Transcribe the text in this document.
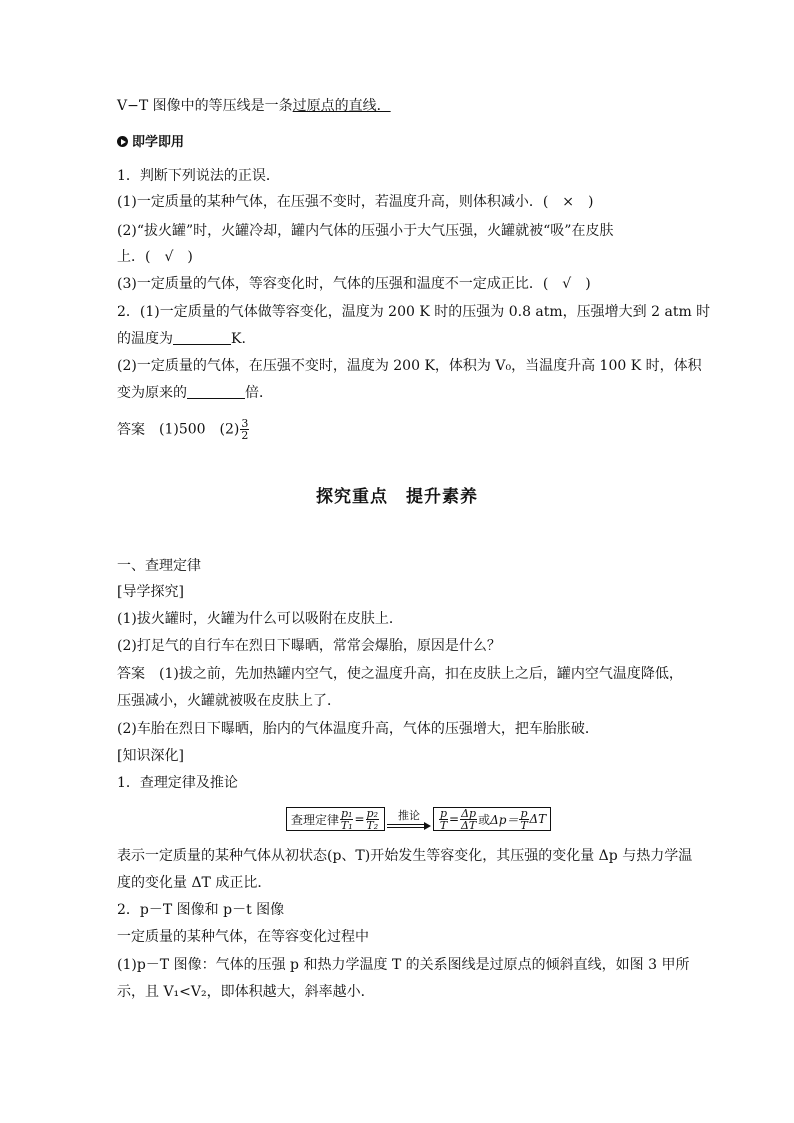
V−T 图像中的等压线是一条过原点的直线．
即学即用
1．判断下列说法的正误．
(1)一定质量的某种气体，在压强不变时，若温度升高，则体积减小．(　×　)
(2)“拔火罐”时，火罐冷却，罐内气体的压强小于大气压强，火罐就被“吸”在皮肤
上．(　√　)
(3)一定质量的气体，等容变化时，气体的压强和温度不一定成正比．(　√　)
2．(1)一定质量的气体做等容变化，温度为 200 K 时的压强为 0.8 atm，压强增大到 2 atm 时
的温度为	K.
(2)一定质量的气体，在压强不变时，温度为 200 K，体积为 V₀，当温度升高 100 K 时，体积
变为原来的	倍．
答案 (1)500　$(2) \frac{3}{2}$
探究重点　提升素养
一、查理定律
[导学探究]
(1)拔火罐时，火罐为什么可以吸附在皮肤上．
(2)打足气的自行车在烈日下曝晒，常常会爆胎，原因是什么？
答案 (1)拔之前，先加热罐内空气，使之温度升高，扣在皮肤上之后，罐内空气温度降低，
压强减小，火罐就被吸在皮肤上了．
(2)车胎在烈日下曝晒，胎内的气体温度升高，气体的压强增大，把车胎胀破．
[知识深化]
1．查理定律及推论
查理定律 $\frac{\text{p₁}}{\text{T₁}} = \frac{\text{p₂}}{\text{T₂}}$ 推论 $\frac{p}{T} = \frac{\Delta p}{\Delta T}$ 或 $\Delta p= \frac{p}{T}$ ΔT
表示一定质量的某种气体从初状态(p、T)开始发生等容变化，其压强的变化量 Δp 与热力学温
度的变化量 ΔT 成正比．
2．p－T 图像和 p－t 图像
一定质量的某种气体，在等容变化过程中
(1)p－T 图像：气体的压强 p 和热力学温度 T 的关系图线是过原点的倾斜直线，如图 3 甲所
示，且 V₁<V₂，即体积越大，斜率越小．
